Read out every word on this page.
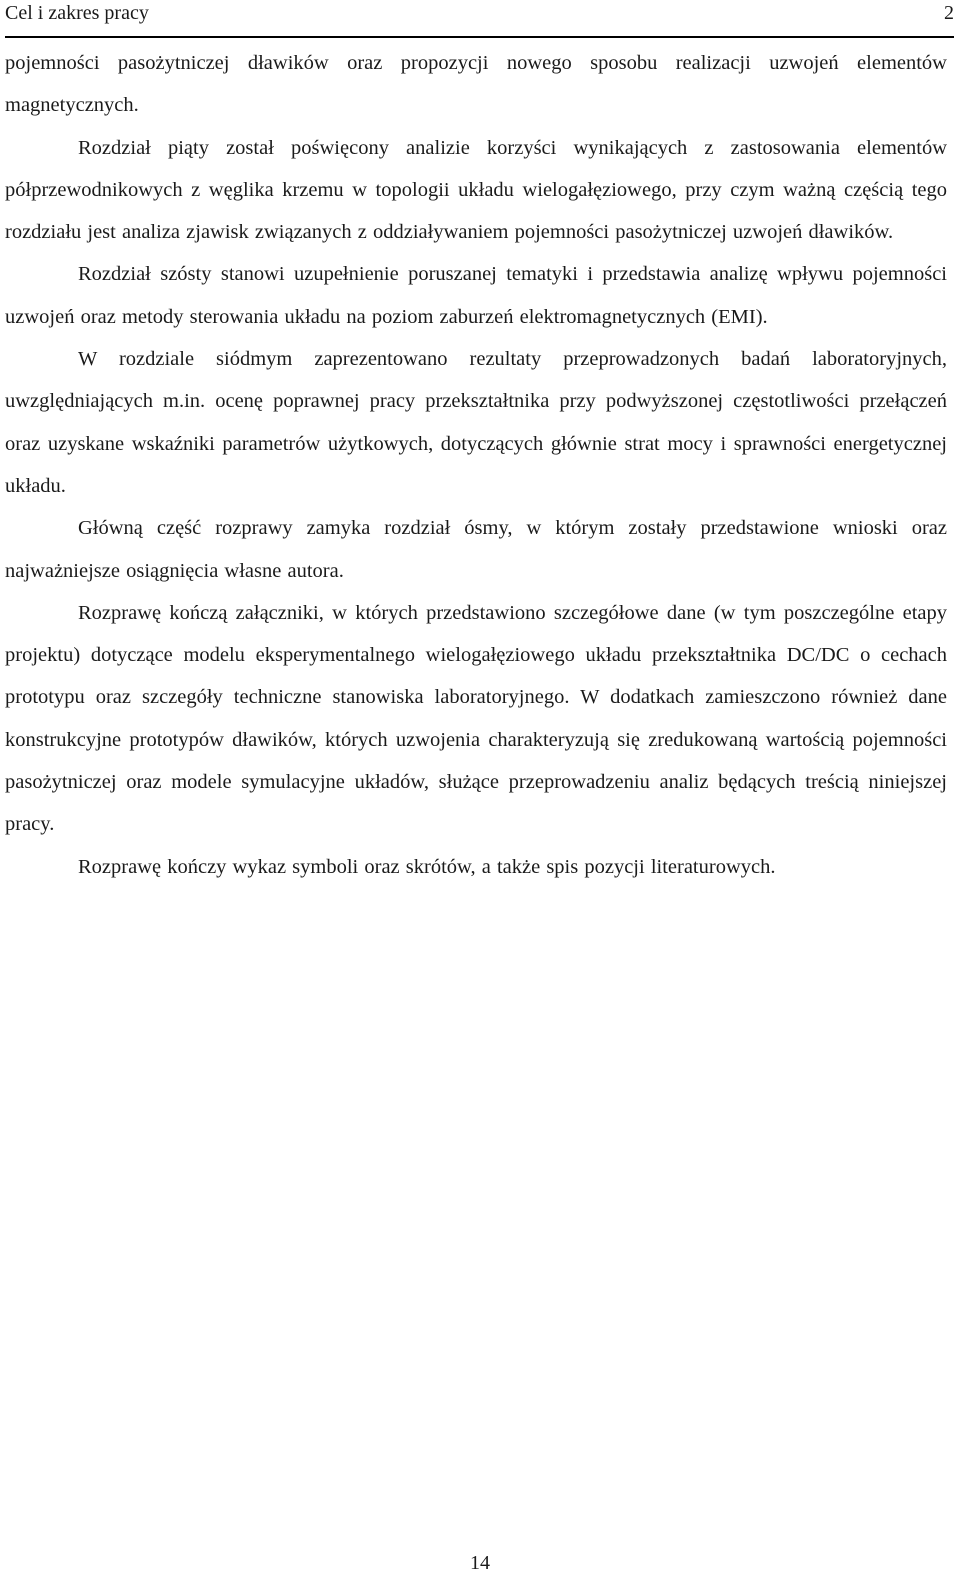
Cel i zakres pracy	2

pojemności pasożytniczej dławików oraz propozycji nowego sposobu realizacji uzwojeń elementów magnetycznych.

Rozdział piąty został poświęcony analizie korzyści wynikających z zastosowania elementów półprzewodnikowych z węglika krzemu w topologii układu wielogałęziowego, przy czym ważną częścią tego rozdziału jest analiza zjawisk związanych z oddziaływaniem pojemności pasożytniczej uzwojeń dławików.

Rozdział szósty stanowi uzupełnienie poruszanej tematyki i przedstawia analizę wpływu pojemności uzwojeń oraz metody sterowania układu na poziom zaburzeń elektromagnetycznych (EMI).

W rozdziale siódmym zaprezentowano rezultaty przeprowadzonych badań laboratoryjnych, uwzględniających m.in. ocenę poprawnej pracy przekształtnika przy podwyższonej częstotliwości przełączeń oraz uzyskane wskaźniki parametrów użytkowych, dotyczących głównie strat mocy i sprawności energetycznej układu.

Główną część rozprawy zamyka rozdział ósmy, w którym zostały przedstawione wnioski oraz najważniejsze osiągnięcia własne autora.

Rozprawę kończą załączniki, w których przedstawiono szczegółowe dane (w tym poszczególne etapy projektu) dotyczące modelu eksperymentalnego wielogałęziowego układu przekształtnika DC/DC o cechach prototypu oraz szczegóły techniczne stanowiska laboratoryjnego. W dodatkach zamieszczono również dane konstrukcyjne prototypów dławików, których uzwojenia charakteryzują się zredukowaną wartością pojemności pasożytniczej oraz modele symulacyjne układów, służące przeprowadzeniu analiz będących treścią niniejszej pracy.

Rozprawę kończy wykaz symboli oraz skrótów, a także spis pozycji literaturowych.

14
